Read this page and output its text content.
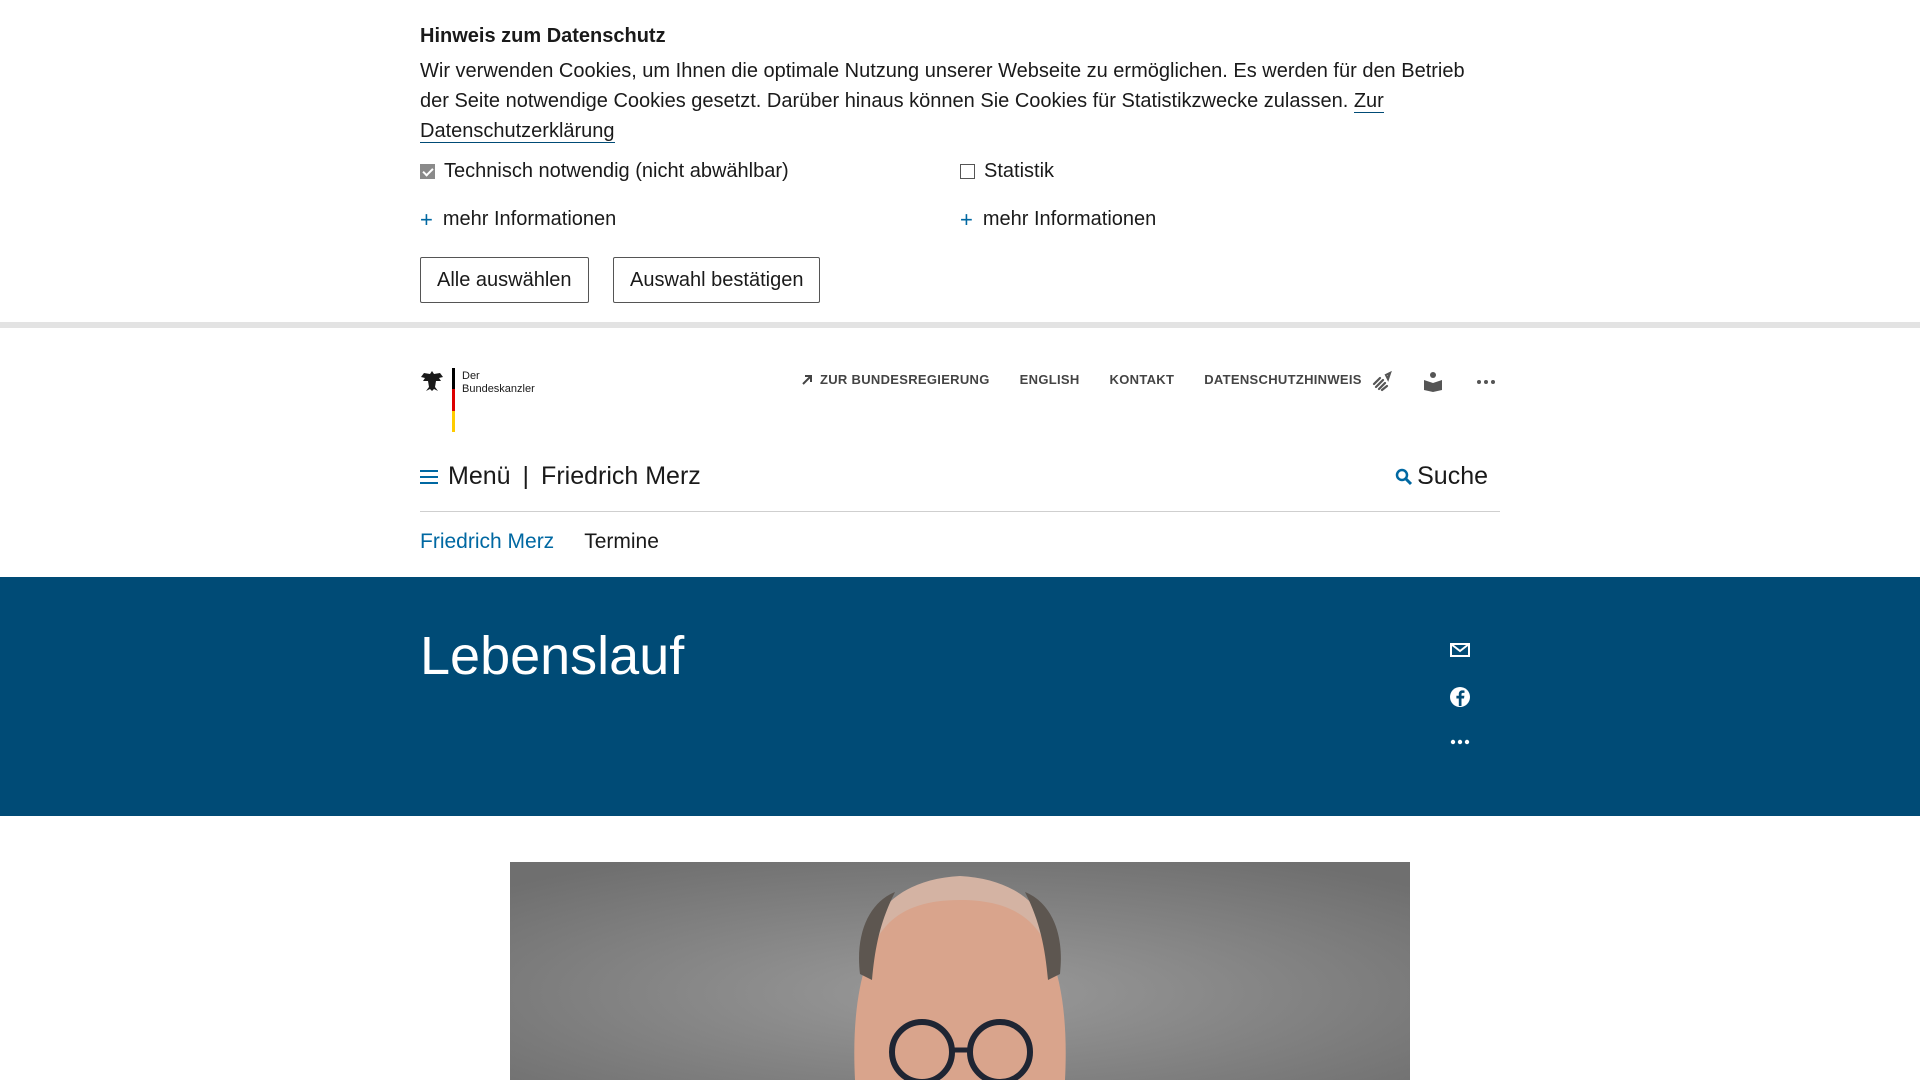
Hinweis zum Datenschutz

Wir verwenden Cookies, um Ihnen die optimale Nutzung unserer Webseite zu ermöglichen. Es werden für den Betrieb der Seite notwendige Cookies gesetzt. Darüber hinaus können Sie Cookies für Statistikzwecke zulassen. Zur Datenschutzerklärung

Technisch notwendig (nicht abwählbar)	Statistik
+ mehr Informationen	+ mehr Informationen
Alle auswählen	Auswahl bestätigen
Der
Bundeskanzler
ZUR BUNDESREGIERUNG ENGLISH KONTAKT DATENSCHUTZHINWEIS
Menü | Friedrich Merz	Suche
Friedrich Merz Termine
Lebenslauf
